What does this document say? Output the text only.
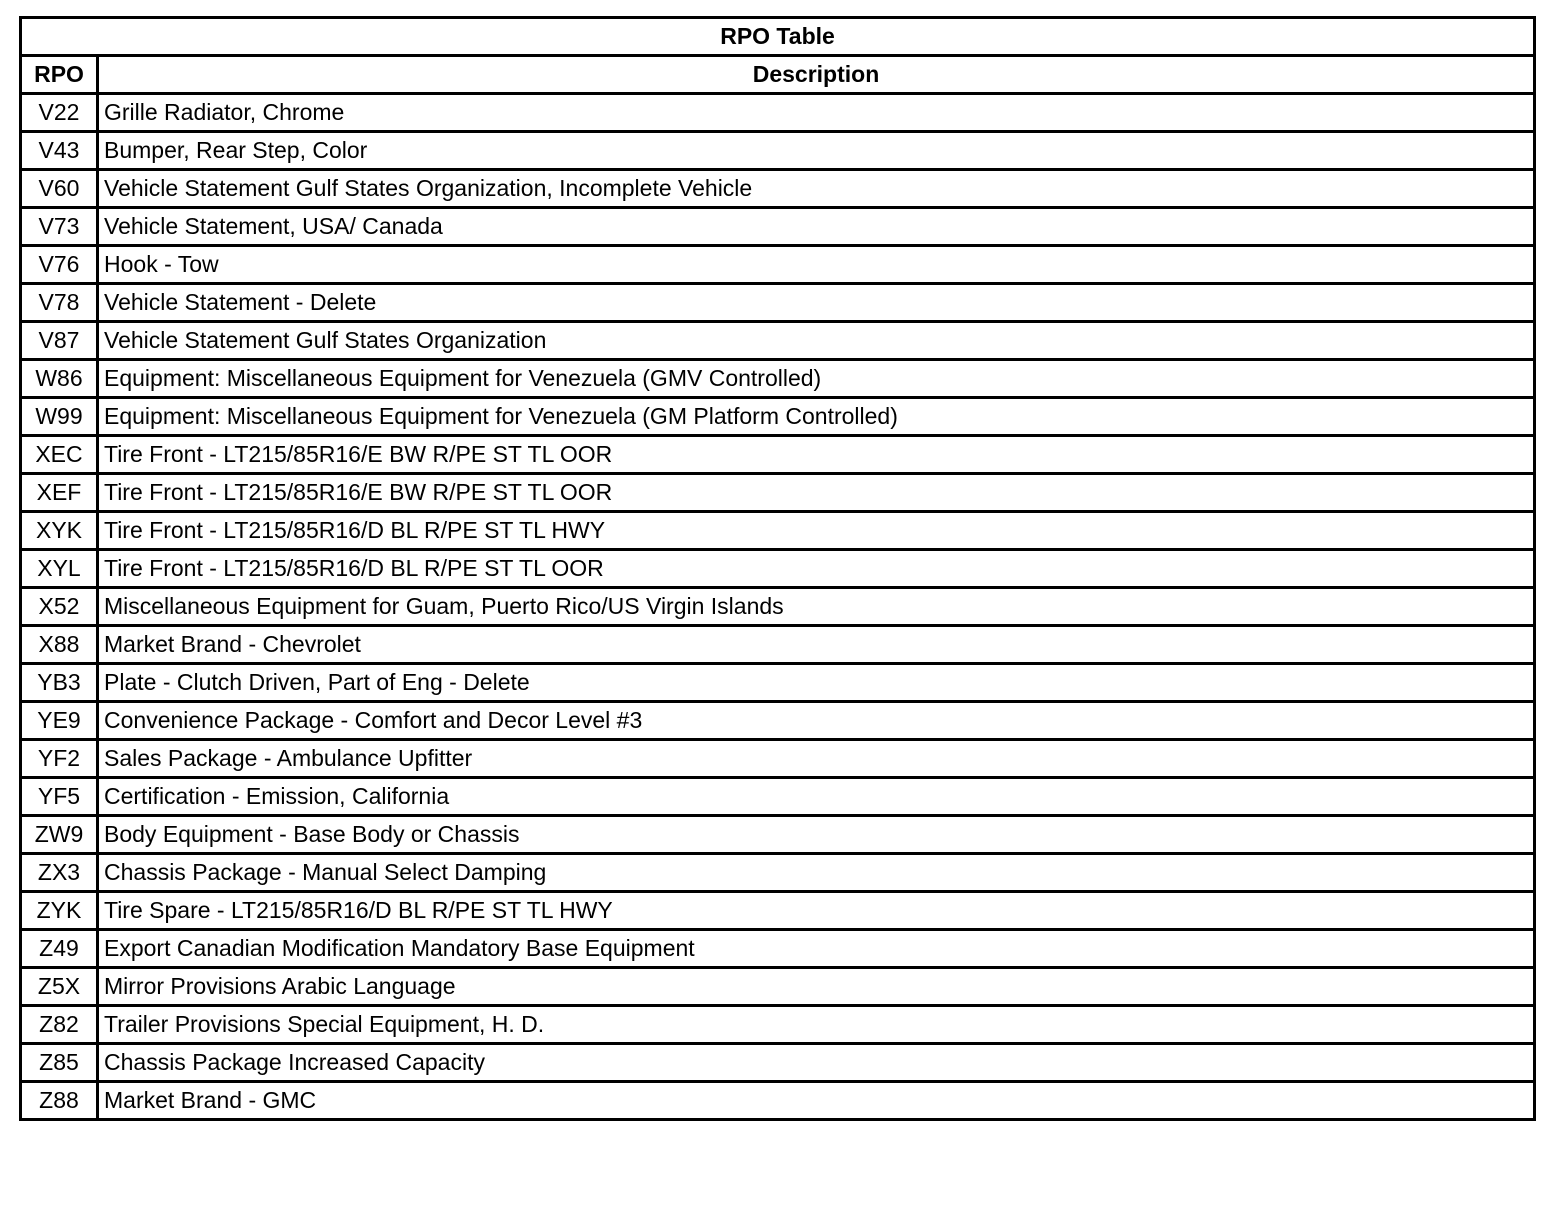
RPO Table	
RPO	Description
V22	Grille Radiator, Chrome
V43	Bumper, Rear Step, Color
V60	Vehicle Statement Gulf States Organization, Incomplete Vehicle
V73	Vehicle Statement, USA/ Canada
V76	Hook - Tow
V78	Vehicle Statement - Delete
V87	Vehicle Statement Gulf States Organization
W86	Equipment: Miscellaneous Equipment for Venezuela (GMV Controlled)
W99	Equipment: Miscellaneous Equipment for Venezuela (GM Platform Controlled)
XEC	Tire Front - LT215/85R16/E BW R/PE ST TL OOR
XEF	Tire Front - LT215/85R16/E BW R/PE ST TL OOR
XYK	Tire Front - LT215/85R16/D BL R/PE ST TL HWY
XYL	Tire Front - LT215/85R16/D BL R/PE ST TL OOR
X52	Miscellaneous Equipment for Guam, Puerto Rico/US Virgin Islands
X88	Market Brand - Chevrolet
YB3	Plate - Clutch Driven, Part of Eng - Delete
YE9	Convenience Package - Comfort and Decor Level #3
YF2	Sales Package - Ambulance Upfitter
YF5	Certification - Emission, California
ZW9	Body Equipment - Base Body or Chassis
ZX3	Chassis Package - Manual Select Damping
ZYK	Tire Spare - LT215/85R16/D BL R/PE ST TL HWY
Z49	Export Canadian Modification Mandatory Base Equipment
Z5X	Mirror Provisions Arabic Language
Z82	Trailer Provisions Special Equipment, H. D.
Z85	Chassis Package Increased Capacity
Z88	Market Brand - GMC
